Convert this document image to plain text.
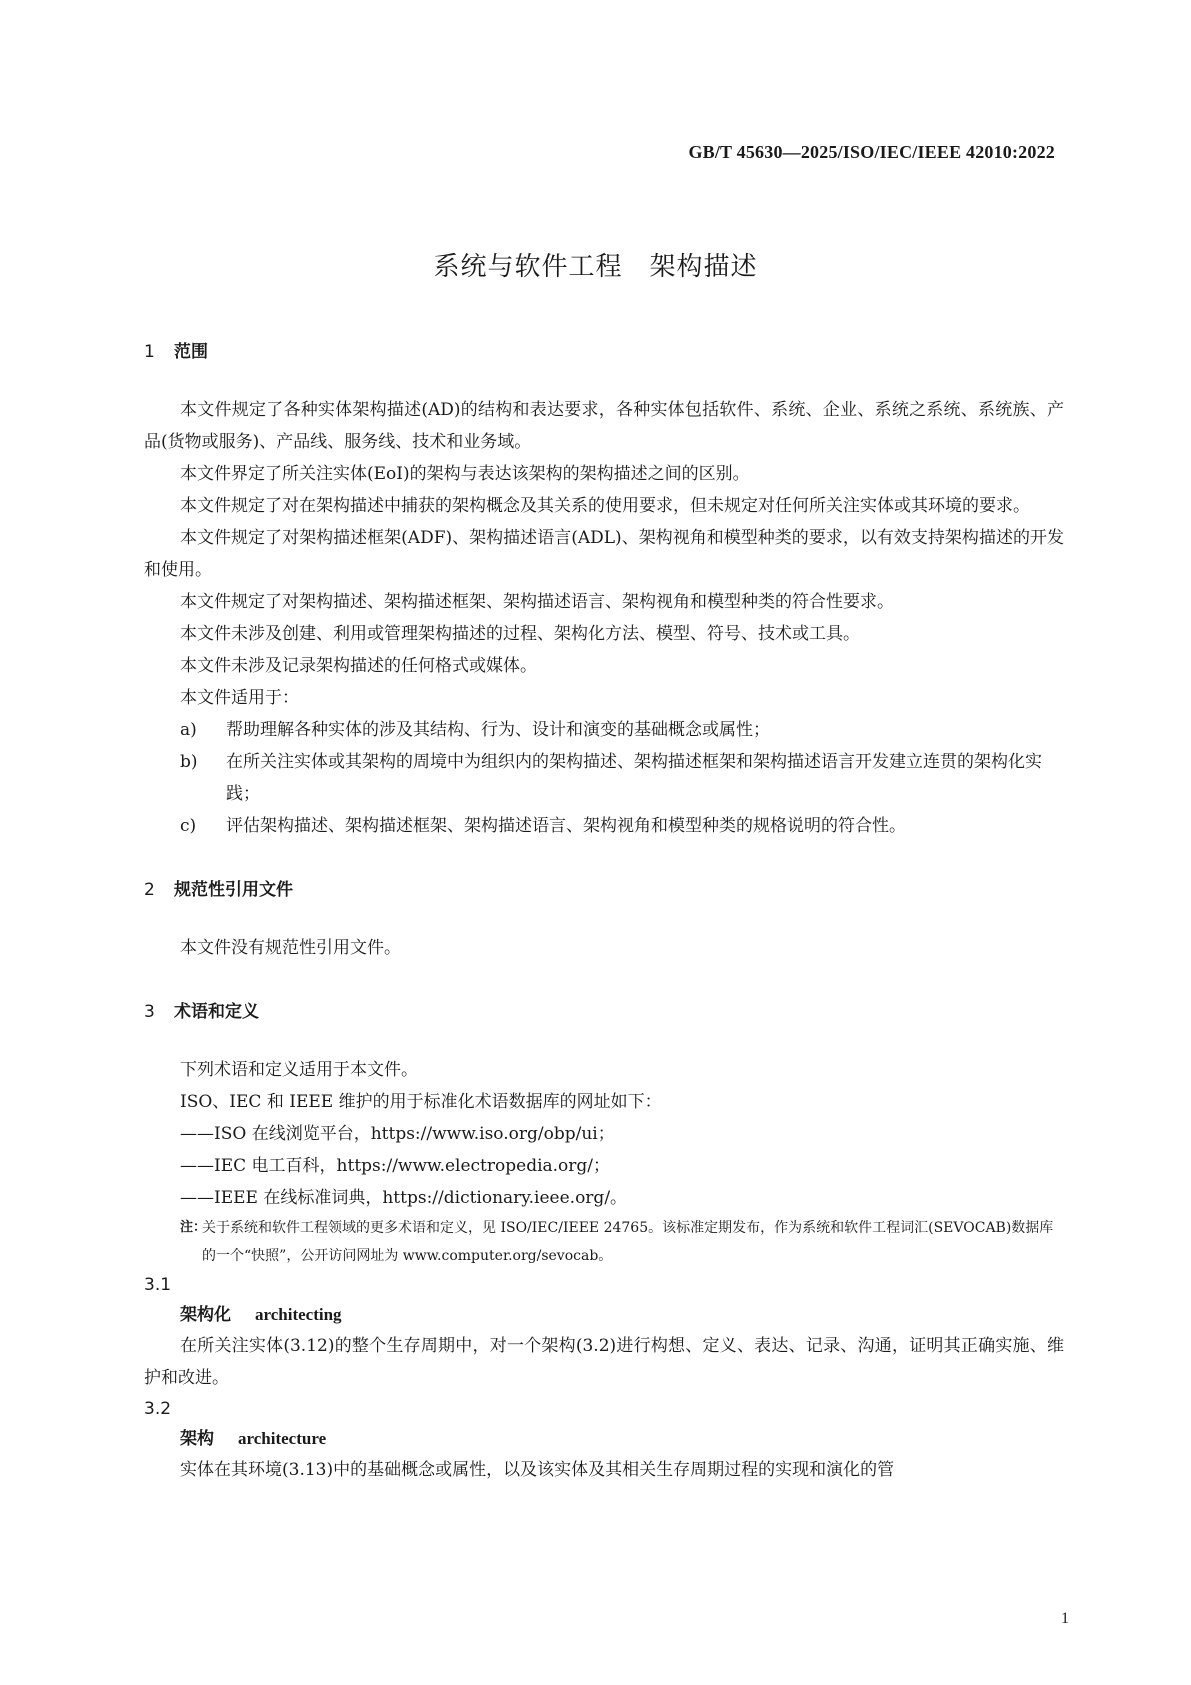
GB/T 45630—2025/ISO/IEC/IEEE 42010:2022
系统与软件工程　架构描述
1 范围

本文件规定了各种实体架构描述(AD)的结构和表达要求，各种实体包括软件、系统、企业、系统之系统、系统族、产品(货物或服务)、产品线、服务线、技术和业务域。

本文件界定了所关注实体(EoI)的架构与表达该架构的架构描述之间的区别。

本文件规定了对在架构描述中捕获的架构概念及其关系的使用要求，但未规定对任何所关注实体或其环境的要求。

本文件规定了对架构描述框架(ADF)、架构描述语言(ADL)、架构视角和模型种类的要求，以有效支持架构描述的开发和使用。

本文件规定了对架构描述、架构描述框架、架构描述语言、架构视角和模型种类的符合性要求。

本文件未涉及创建、利用或管理架构描述的过程、架构化方法、模型、符号、技术或工具。

本文件未涉及记录架构描述的任何格式或媒体。

本文件适用于：

a) 帮助理解各种实体的涉及其结构、行为、设计和演变的基础概念或属性；
b) 在所关注实体或其架构的周境中为组织内的架构描述、架构描述框架和架构描述语言开发建立连贯的架构化实践；
c) 评估架构描述、架构描述框架、架构描述语言、架构视角和模型种类的规格说明的符合性。
2 规范性引用文件

本文件没有规范性引用文件。

3 术语和定义

下列术语和定义适用于本文件。

ISO、IEC 和 IEEE 维护的用于标准化术语数据库的网址如下：

——ISO 在线浏览平台，https://www.iso.org/obp/ui；

——IEC 电工百科，https://www.electropedia.org/；

——IEEE 在线标准词典，https://dictionary.ieee.org/。

注：
关于系统和软件工程领域的更多术语和定义，见 ISO/IEC/IEEE 24765。该标准定期发布，作为系统和软件工程词汇(SEVOCAB)数据库的一个“快照”，公开访问网址为 www.computer.org/sevocab。

3.1

架构化 architecting

在所关注实体(3.12)的整个生存周期中，对一个架构(3.2)进行构想、定义、表达、记录、沟通，证明其正确实施、维护和改进。

3.2

架构 architecture

实体在其环境(3.13)中的基础概念或属性，以及该实体及其相关生存周期过程的实现和演化的管

1
